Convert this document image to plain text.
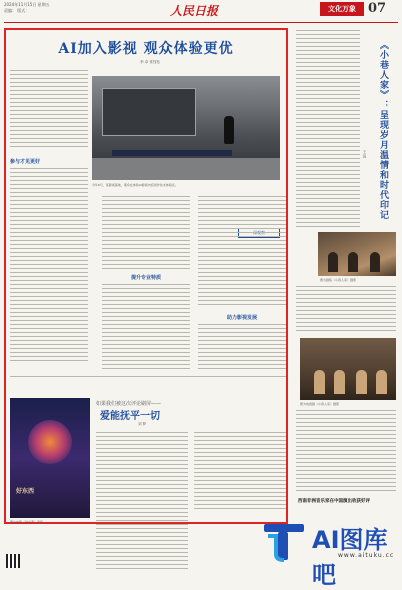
2024年11月15日 星期五
责编： 版式：	人民日报	文化万象 07
AI加入影视 观众体验更优
李 卓 常钰钰
参与才见更好
今年6月，某影视基地，观众在体验AI影视内容创作技术体验区。
提升专业特质
助力影视发展
好东西
图为电影《好东西》海报
如果我们被这次评论刷屏——
爱能抚平一切
刘 梦
《小巷人家》：呈现岁月温情和时代印记
王 蓉
图为剧集《小巷人家》剧照
图为电视剧《小巷人家》剧照
西南非洲音乐家在中国演出收获好评
AI图库吧
www.aituku.cc
